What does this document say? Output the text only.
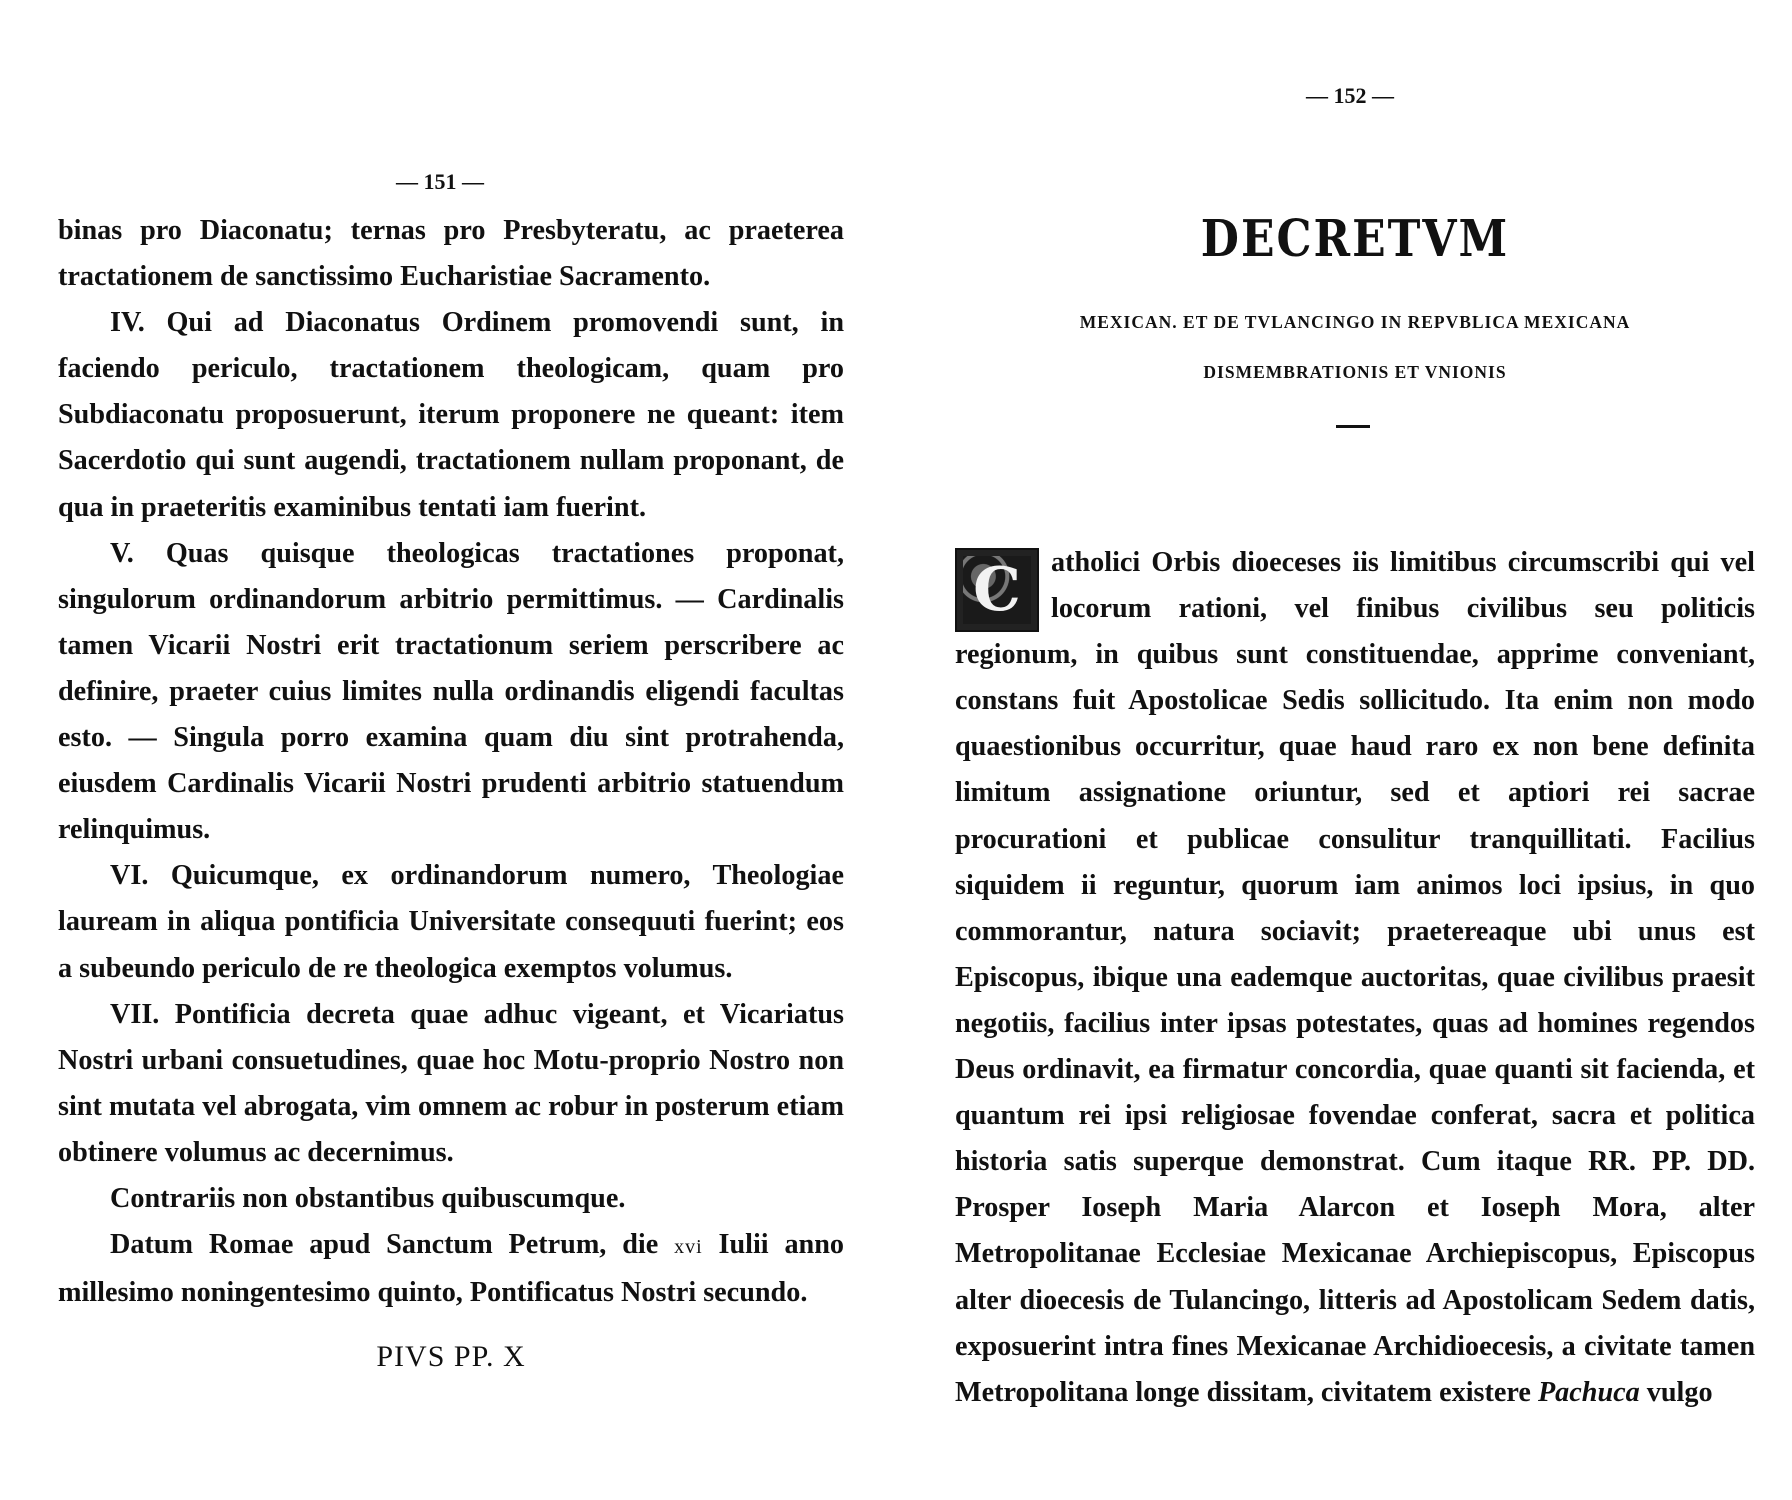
— 151 —

binas pro Diaconatu; ternas pro Presbyteratu, ac praeterea tractationem de sanctissimo Eucharistiae Sacramento.

IV. Qui ad Diaconatus Ordinem promovendi sunt, in faciendo periculo, tractationem theologicam, quam pro Subdiaconatu proposuerunt, iterum proponere ne queant: item Sacerdotio qui sunt augendi, tractationem nullam proponant, de qua in praeteritis examinibus tentati iam fuerint.

V. Quas quisque theologicas tractationes proponat, singulorum ordinandorum arbitrio permittimus. — Cardinalis tamen Vicarii Nostri erit tractationum seriem perscribere ac definire, praeter cuius limites nulla ordinandis eligendi facultas esto. — Singula porro examina quam diu sint protrahenda, eiusdem Cardinalis Vicarii Nostri prudenti arbitrio statuendum relinquimus.

VI. Quicumque, ex ordinandorum numero, Theologiae lauream in aliqua pontificia Universitate consequuti fuerint; eos a subeundo periculo de re theologica exemptos volumus.

VII. Pontificia decreta quae adhuc vigeant, et Vicariatus Nostri urbani consuetudines, quae hoc Motu-proprio Nostro non sint mutata vel abrogata, vim omnem ac robur in posterum etiam obtinere volumus ac decernimus.

Contrariis non obstantibus quibuscumque.

Datum Romae apud Sanctum Petrum, die xvi Iulii anno millesimo noningentesimo quinto, Pontificatus Nostri secundo.

PIVS PP. X
— 152 —
DECRETVM
MEXICAN. ET DE TVLANCINGO IN REPVBLICA MEXICANA
DISMEMBRATIONIS ET VNIONIS

C	atholici Orbis dioeceses iis limitibus circumscribi qui vel locorum rationi, vel finibus civilibus seu politicis regionum, in quibus sunt constituendae, apprime conveniant, constans fuit Apostolicae Sedis sollicitudo. Ita enim non modo quaestionibus occurritur, quae haud raro ex non bene definita limitum assignatione oriuntur, sed et aptiori rei sacrae procurationi et publicae consulitur tranquillitati. Facilius siquidem ii reguntur, quorum iam animos loci ipsius, in quo commorantur, natura sociavit; praetereaque ubi unus est Episcopus, ibique una eademque auctoritas, quae civilibus praesit negotiis, facilius inter ipsas potestates, quas ad homines regendos Deus ordinavit, ea firmatur concordia, quae quanti sit facienda, et quantum rei ipsi religiosae fovendae conferat, sacra et politica historia satis superque demonstrat. Cum itaque RR. PP. DD. Prosper Ioseph Maria Alarcon et Ioseph Mora, alter Metropolitanae Ecclesiae Mexicanae Archiepiscopus, Episcopus alter dioecesis de Tulancingo, litteris ad Apostolicam Sedem datis, exposuerint intra fines Mexicanae Archidioecesis, a civitate tamen Metropolitana longe dissitam, civitatem existere Pachuca vulgo
